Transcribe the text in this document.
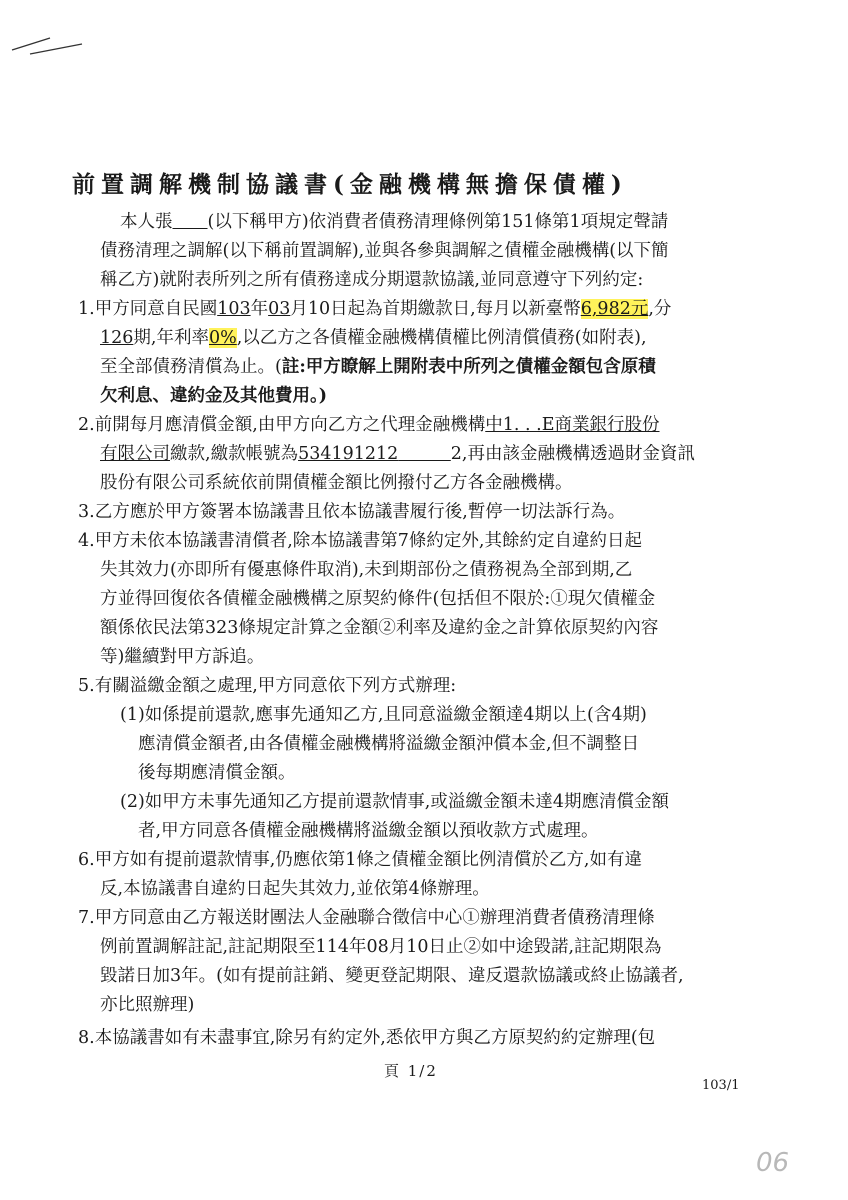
前置調解機制協議書(金融機構無擔保債權)
本人張　　 (以下稱甲方)依消費者債務清理條例第151條第1項規定聲請
債務清理之調解(以下稱前置調解),並與各參與調解之債權金融機構(以下簡
稱乙方)就附表所列之所有債務達成分期還款協議,並同意遵守下列約定:
1.甲方同意自民國103年03月10日起為首期繳款日,每月以新臺幣6,982元,分
126期,年利率0%,以乙方之各債權金融機構債權比例清償債務(如附表),
至全部債務清償為止。(註:甲方瞭解上開附表中所列之債權金額包含原積
欠利息、違約金及其他費用。)
2.前開每月應清償金額,由甲方向乙方之代理金融機構中1. . .E商業銀行股份
有限公司繳款,繳款帳號為534191212　　　	2,再由該金融機構透過財金資訊
股份有限公司系統依前開債權金額比例撥付乙方各金融機構。
3.乙方應於甲方簽署本協議書且依本協議書履行後,暫停一切法訴行為。
4.甲方未依本協議書清償者,除本協議書第7條約定外,其餘約定自違約日起
失其效力(亦即所有優惠條件取消),未到期部份之債務視為全部到期,乙
方並得回復依各債權金融機構之原契約條件(包括但不限於:①現欠債權金
額係依民法第323條規定計算之金額②利率及違約金之計算依原契約內容
等)繼續對甲方訴追。
5.有關溢繳金額之處理,甲方同意依下列方式辦理:
(1)如係提前還款,應事先通知乙方,且同意溢繳金額達4期以上(含4期)
應清償金額者,由各債權金融機構將溢繳金額沖償本金,但不調整日
後每期應清償金額。
(2)如甲方未事先通知乙方提前還款情事,或溢繳金額未達4期應清償金額
者,甲方同意各債權金融機構將溢繳金額以預收款方式處理。
6.甲方如有提前還款情事,仍應依第1條之債權金額比例清償於乙方,如有違
反,本協議書自違約日起失其效力,並依第4條辦理。
7.甲方同意由乙方報送財團法人金融聯合徵信中心①辦理消費者債務清理條
例前置調解註記,註記期限至114年08月10日止②如中途毀諾,註記期限為
毀諾日加3年。(如有提前註銷、變更登記期限、違反還款協議或終止協議者,
亦比照辦理)
8.本協議書如有未盡事宜,除另有約定外,悉依甲方與乙方原契約約定辦理(包
頁 1/2
103/1
06
